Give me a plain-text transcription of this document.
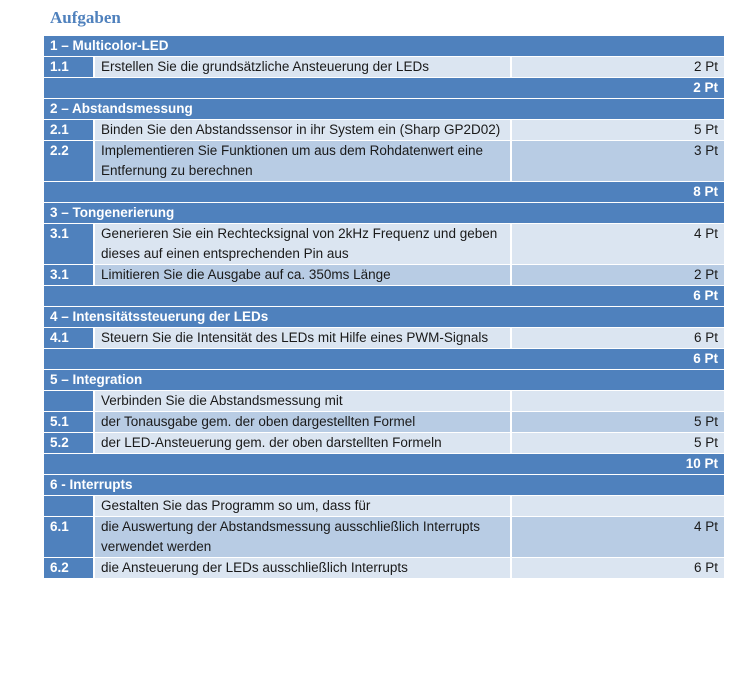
Aufgaben
1 – Multicolor-LED		
1.1	Erstellen Sie die grundsätzliche Ansteuerung der LEDs	2 Pt
2 Pt		
2 – Abstandsmessung		
2.1	Binden Sie den Abstandssensor in ihr System ein (Sharp GP2D02)	5 Pt
2.2	Implementieren Sie Funktionen um aus dem Rohdatenwert eine Entfernung zu berechnen	3 Pt
8 Pt		
3 – Tongenerierung		
3.1	Generieren Sie ein Rechtecksignal von 2kHz Frequenz und geben dieses auf einen entsprechenden Pin aus	4 Pt
3.1	Limitieren Sie die Ausgabe auf ca. 350ms Länge	2 Pt
6 Pt		
4 – Intensitätssteuerung der LEDs		
4.1	Steuern Sie die Intensität des LEDs mit Hilfe eines PWM-Signals	6 Pt
6 Pt		
5 – Integration		
	Verbinden Sie die Abstandsmessung mit	
5.1	der Tonausgabe gem. der oben dargestellten Formel	5 Pt
5.2	der LED-Ansteuerung gem. der oben darstellten Formeln	5 Pt
10 Pt		
6 - Interrupts		
	Gestalten Sie das Programm so um, dass für	
6.1	die Auswertung der Abstandsmessung ausschließlich Interrupts verwendet werden	4 Pt
6.2	die Ansteuerung der LEDs ausschließlich Interrupts	6 Pt
